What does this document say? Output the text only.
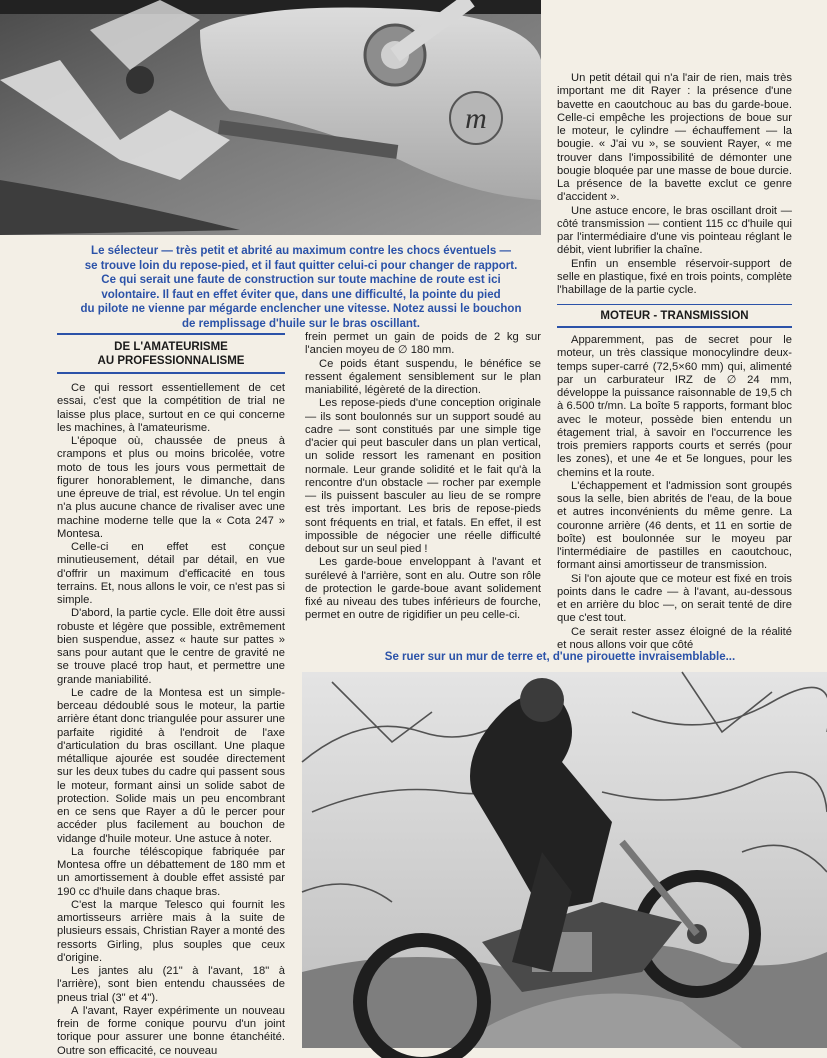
m
Le sélecteur — très petit et abrité au maximum contre les chocs éventuels —
se trouve loin du repose-pied, et il faut quitter celui-ci pour changer de rapport.
Ce qui serait une faute de construction sur toute machine de route est ici
volontaire. Il faut en effet éviter que, dans une difficulté, la pointe du pied
du pilote ne vienne par mégarde enclencher une vitesse. Notez aussi le bouchon
de remplissage d'huile sur le bras oscillant.
DE L'AMATEURISME
AU PROFESSIONNALISME

Ce qui ressort essentiellement de cet essai, c'est que la compétition de trial ne laisse plus place, surtout en ce qui concerne les machines, à l'amateurisme.

L'époque où, chaussée de pneus à crampons et plus ou moins bricolée, votre moto de tous les jours vous permettait de figurer honorablement, le dimanche, dans une épreuve de trial, est révolue. Un tel engin n'a plus aucune chance de rivaliser avec une machine moderne telle que la « Cota 247 » Montesa.

Celle-ci en effet est conçue minutieusement, détail par détail, en vue d'offrir un maximum d'efficacité en tous terrains. Et, nous allons le voir, ce n'est pas si simple.

D'abord, la partie cycle. Elle doit être aussi robuste et légère que possible, extrêmement bien suspendue, assez « haute sur pattes » sans pour autant que le centre de gravité ne se trouve placé trop haut, et permettre une grande maniabilité.

Le cadre de la Montesa est un simple-berceau dédoublé sous le moteur, la partie arrière étant donc triangulée pour assurer une parfaite rigidité à l'endroit de l'axe d'articulation du bras oscillant. Une plaque métallique ajourée est soudée directement sur les deux tubes du cadre qui passent sous le moteur, formant ainsi un solide sabot de protection. Solide mais un peu encombrant en ce sens que Rayer a dû le percer pour accéder plus facilement au bouchon de vidange d'huile moteur. Une astuce à noter.

La fourche téléscopique fabriquée par Montesa offre un débattement de 180 mm et un amortissement à double effet assisté par 190 cc d'huile dans chaque bras.

C'est la marque Telesco qui fournit les amortisseurs arrière mais à la suite de plusieurs essais, Christian Rayer a monté des ressorts Girling, plus souples que ceux d'origine.

Les jantes alu (21" à l'avant, 18" à l'arrière), sont bien entendu chaussées de pneus trial (3" et 4").

A l'avant, Rayer expérimente un nouveau frein de forme conique pourvu d'un joint torique pour assurer une bonne étanchéité. Outre son efficacité, ce nouveau

frein permet un gain de poids de 2 kg sur l'ancien moyeu de ∅ 180 mm.

Ce poids étant suspendu, le bénéfice se ressent également sensiblement sur le plan maniabilité, légèreté de la direction.

Les repose-pieds d'une conception originale — ils sont boulonnés sur un support soudé au cadre — sont constitués par une simple tige d'acier qui peut basculer dans un plan vertical, un solide ressort les ramenant en position normale. Leur grande solidité et le fait qu'à la rencontre d'un obstacle — rocher par exemple — ils puissent basculer au lieu de se rompre est très important. Les bris de repose-pieds sont fréquents en trial, et fatals. En effet, il est impossible de négocier une réelle difficulté debout sur un seul pied !

Les garde-boue enveloppant à l'avant et surélevé à l'arrière, sont en alu. Outre son rôle de protection le garde-boue avant solidement fixé au niveau des tubes inférieurs de fourche, permet en outre de rigidifier un peu celle-ci.

Un petit détail qui n'a l'air de rien, mais très important me dit Rayer : la présence d'une bavette en caoutchouc au bas du garde-boue. Celle-ci empêche les projections de boue sur le moteur, le cylindre — échauffement — la bougie. « J'ai vu », se souvient Rayer, « me trouver dans l'impossibilité de démonter une bougie bloquée par une masse de boue durcie. La présence de la bavette exclut ce genre d'accident ».

Une astuce encore, le bras oscillant droit — côté transmission — contient 115 cc d'huile qui par l'intermédiaire d'une vis pointeau réglant le débit, vient lubrifier la chaîne.

Enfin un ensemble réservoir-support de selle en plastique, fixé en trois points, complète l'habillage de la partie cycle.

MOTEUR - TRANSMISSION

Apparemment, pas de secret pour le moteur, un très classique monocylindre deux-temps super-carré (72,5×60 mm) qui, alimenté par un carburateur IRZ de ∅ 24 mm, développe la puissance raisonnable de 19,5 ch à 6.500 tr/mn. La boîte 5 rapports, formant bloc avec le moteur, possède bien entendu un étagement trial, à savoir en l'occurrence les trois premiers rapports courts et serrés (pour les zones), et une 4e et 5e longues, pour les chemins et la route.

L'échappement et l'admission sont groupés sous la selle, bien abrités de l'eau, de la boue et autres inconvénients du même genre. La couronne arrière (46 dents, et 11 en sortie de boîte) est boulonnée sur le moyeu par l'intermédiaire de pastilles en caoutchouc, formant ainsi amortisseur de transmission.

Si l'on ajoute que ce moteur est fixé en trois points dans le cadre — à l'avant, au-dessous et en arrière du bloc —, on serait tenté de dire que c'est tout.

Ce serait rester assez éloigné de la réalité et nous allons voir que côté

Se ruer sur un mur de terre et, d'une pirouette invraisemblable...
